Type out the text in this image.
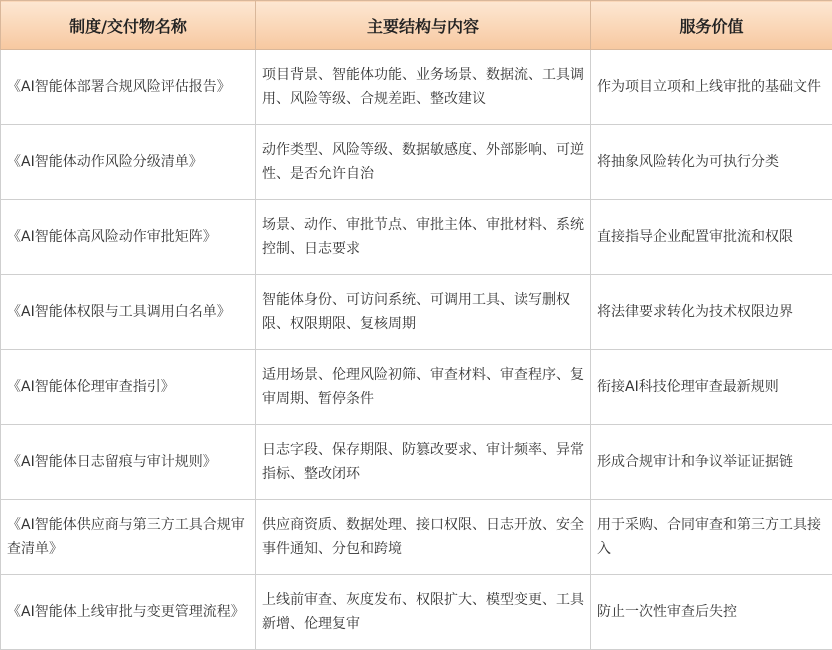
制度/交付物名称	主要结构与内容	服务价值
《AI智能体部署合规风险评估报告》	项目背景、智能体功能、业务场景、数据流、工具调用、风险等级、合规差距、整改建议	作为项目立项和上线审批的基础文件
《AI智能体动作风险分级清单》	动作类型、风险等级、数据敏感度、外部影响、可逆性、是否允许自治	将抽象风险转化为可执行分类
《AI智能体高风险动作审批矩阵》	场景、动作、审批节点、审批主体、审批材料、系统控制、日志要求	直接指导企业配置审批流和权限
《AI智能体权限与工具调用白名单》	智能体身份、可访问系统、可调用工具、读写删权限、权限期限、复核周期	将法律要求转化为技术权限边界
《AI智能体伦理审查指引》	适用场景、伦理风险初筛、审查材料、审查程序、复审周期、暂停条件	衔接AI科技伦理审查最新规则
《AI智能体日志留痕与审计规则》	日志字段、保存期限、防篡改要求、审计频率、异常指标、整改闭环	形成合规审计和争议举证证据链
《AI智能体供应商与第三方工具合规审查清单》	供应商资质、数据处理、接口权限、日志开放、安全事件通知、分包和跨境	用于采购、合同审查和第三方工具接入
《AI智能体上线审批与变更管理流程》	上线前审查、灰度发布、权限扩大、模型变更、工具新增、伦理复审	防止一次性审查后失控
